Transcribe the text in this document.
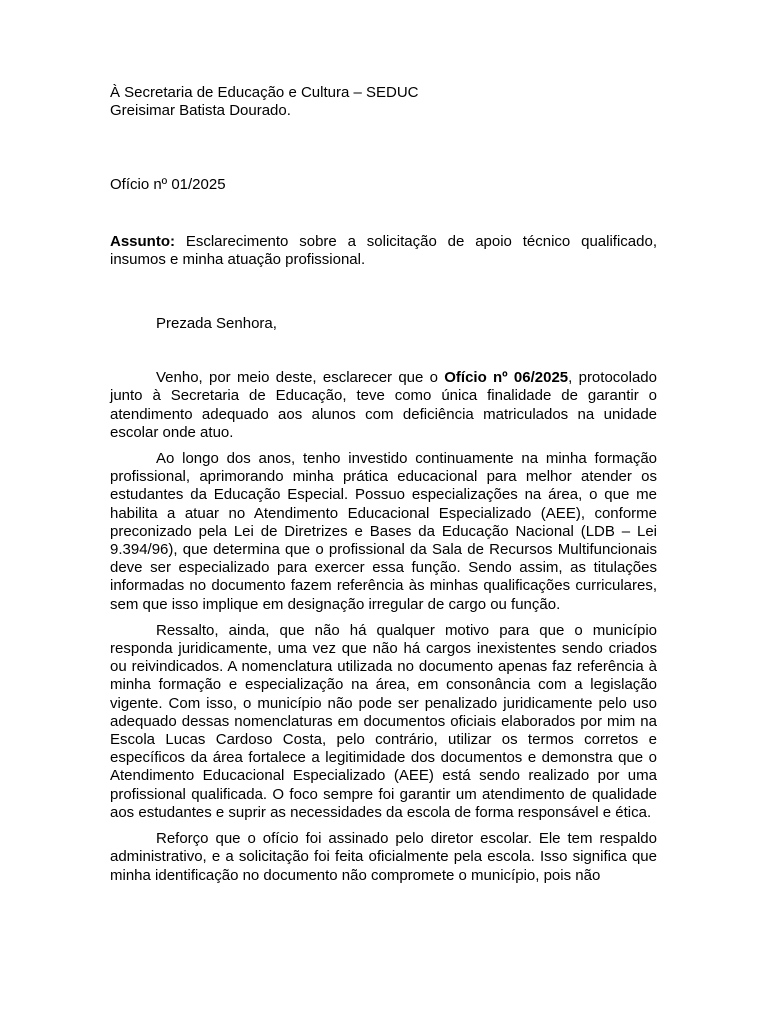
À Secretaria de Educação e Cultura – SEDUC
Greisimar Batista Dourado.
Ofício nº 01/2025
Assunto: Esclarecimento sobre a solicitação de apoio técnico qualificado, insumos e minha atuação profissional.
Prezada Senhora,

Venho, por meio deste, esclarecer que o Ofício nº 06/2025, protocolado junto à Secretaria de Educação, teve como única finalidade de garantir o atendimento adequado aos alunos com deficiência matriculados na unidade escolar onde atuo.

Ao longo dos anos, tenho investido continuamente na minha formação profissional, aprimorando minha prática educacional para melhor atender os estudantes da Educação Especial. Possuo especializações na área, o que me habilita a atuar no Atendimento Educacional Especializado (AEE), conforme preconizado pela Lei de Diretrizes e Bases da Educação Nacional (LDB – Lei 9.394/96), que determina que o profissional da Sala de Recursos Multifuncionais deve ser especializado para exercer essa função. Sendo assim, as titulações informadas no documento fazem referência às minhas qualificações curriculares, sem que isso implique em designação irregular de cargo ou função.

Ressalto, ainda, que não há qualquer motivo para que o município responda juridicamente, uma vez que não há cargos inexistentes sendo criados ou reivindicados. A nomenclatura utilizada no documento apenas faz referência à minha formação e especialização na área, em consonância com a legislação vigente. Com isso, o município não pode ser penalizado juridicamente pelo uso adequado dessas nomenclaturas em documentos oficiais elaborados por mim na Escola Lucas Cardoso Costa, pelo contrário, utilizar os termos corretos e específicos da área fortalece a legitimidade dos documentos e demonstra que o Atendimento Educacional Especializado (AEE) está sendo realizado por uma profissional qualificada. O foco sempre foi garantir um atendimento de qualidade aos estudantes e suprir as necessidades da escola de forma responsável e ética.

Reforço que o ofício foi assinado pelo diretor escolar. Ele tem respaldo administrativo, e a solicitação foi feita oficialmente pela escola. Isso significa que minha identificação no documento não compromete o município, pois não
